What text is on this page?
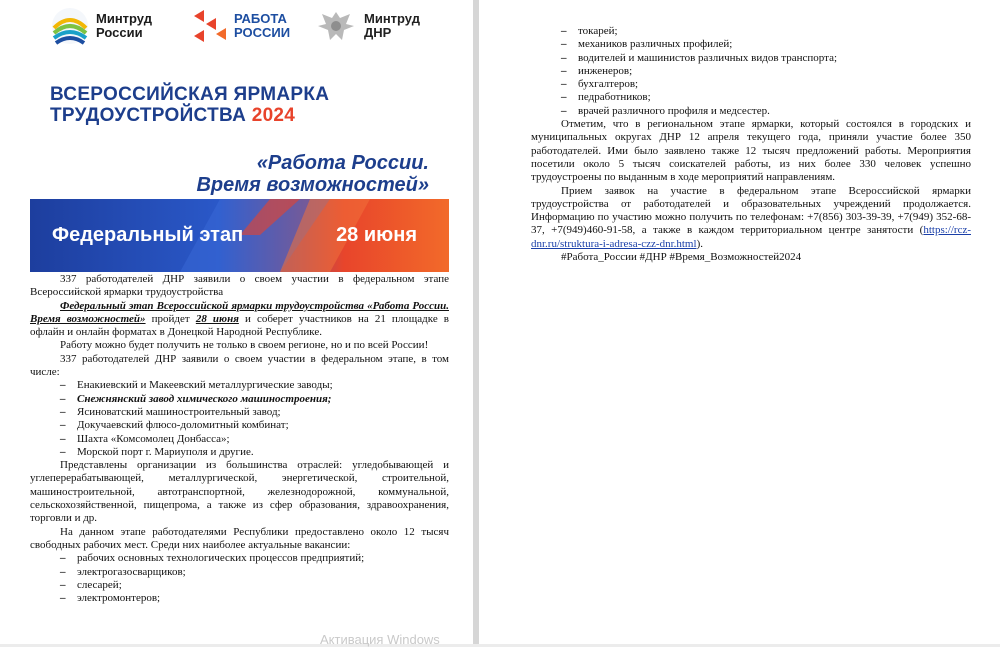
Минтруд
России
РАБОТА
РОССИИ
Минтруд
ДНР
ВСЕРОССИЙСКАЯ ЯРМАРКА
ТРУДОУСТРОЙСТВА 2024
«Работа России.
Время возможностей»
Федеральный этап	28 июня

337 работодателей ДНР заявили о своем участии в федеральном этапе Всероссийской ярмарки трудоустройства

Федеральный этап Всероссийской ярмарки трудоустройства «Работа России. Время возможностей» пройдет 28 июня и соберет участников на 21 площадке в офлайн и онлайн форматах в Донецкой Народной Республике.

Работу можно будет получить не только в своем регионе, но и по всей России!

337 работодателей ДНР заявили о своем участии в федеральном этапе, в том числе:

– Енакиевский и Макеевский металлургические заводы;
– Снежнянский завод химического машиностроения;
– Ясиноватский машиностроительный завод;
– Докучаевский флюсо-доломитный комбинат;
– Шахта «Комсомолец Донбасса»;
– Морской порт г. Мариуполя и другие.

Представлены организации из большинства отраслей: угледобывающей и углеперерабатывающей, металлургической, энергетической, строительной, машиностроительной, автотранспортной, железнодорожной, коммунальной, сельскохозяйственной, пищепрома, а также из сфер образования, здравоохранения, торговли и др.

На данном этапе работодателями Республики предоставлено около 12 тысяч свободных рабочих мест. Среди них наиболее актуальные вакансии:

– рабочих основных технологических процессов предприятий;
– электрогазосварщиков;
– слесарей;
– электромонтеров;
– токарей;
– механиков различных профилей;
– водителей и машинистов различных видов транспорта;
– инженеров;
– бухгалтеров;
– педработников;
– врачей различного профиля и медсестер.

Отметим, что в региональном этапе ярмарки, который состоялся в городских и муниципальных округах ДНР 12 апреля текущего года, приняли участие более 350 работодателей. Ими было заявлено также 12 тысяч предложений работы. Мероприятия посетили около 5 тысяч соискателей работы, из них более 330 человек успешно трудоустроены по выданным в ходе мероприятий направлениям.

Прием заявок на участие в федеральном этапе Всероссийской ярмарки трудоустройства от работодателей и образовательных учреждений продолжается. Информацию по участию можно получить по телефонам: +7(856) 303-39-39, +7(949) 352-68-37, +7(949)460-91-58, а также в каждом территориальном центре занятости (https://rcz-dnr.ru/struktura-i-adresa-czz-dnr.html).

#Работа_России #ДНР #Время_Возможностей2024

Активация Windows
